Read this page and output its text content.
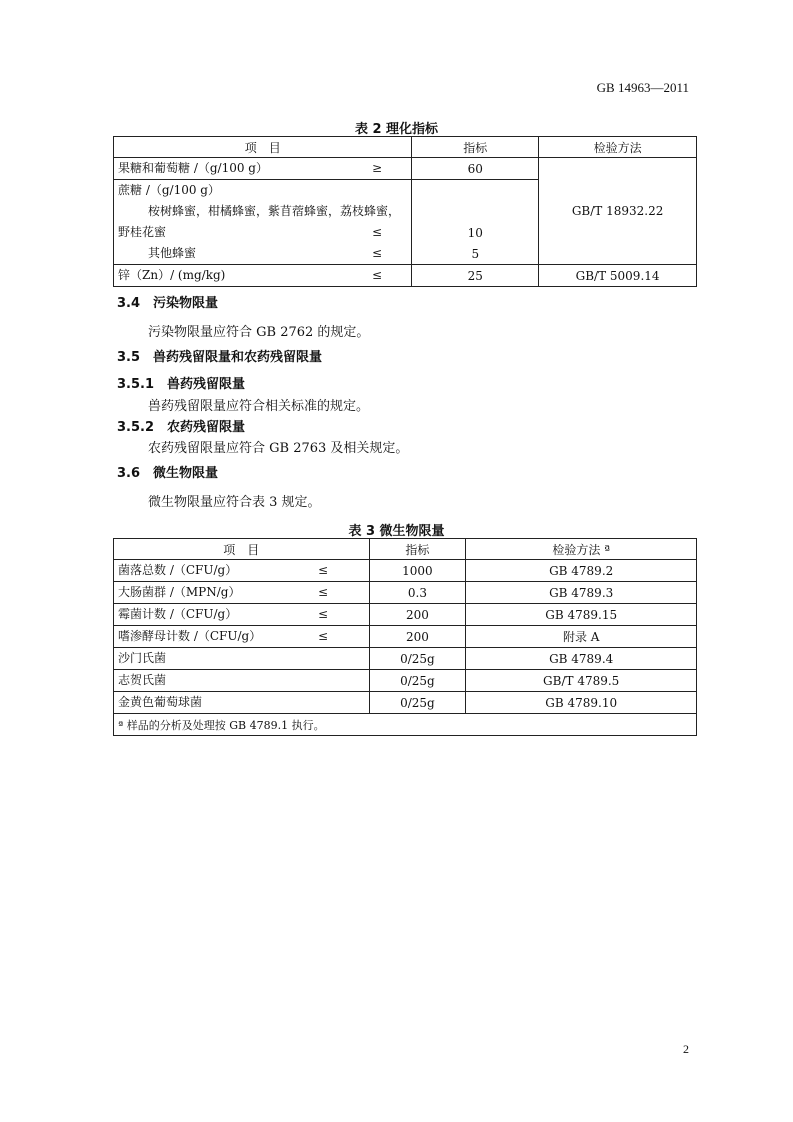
GB 14963—2011
表 2 理化指标
项　目	指标	检验方法

果糖和葡萄糖 /（g/100 g） ≥	60	GB/T 18932.22

蔗糖 /（g/100 g）		

桉树蜂蜜，柑橘蜂蜜，紫苜蓿蜂蜜，荔枝蜂蜜，		

野桂花蜜 ≤	10	

其他蜂蜜 ≤	5	

锌（Zn）/ (mg/kg) ≤	25	GB/T 5009.14
3.4　污染物限量
污染物限量应符合 GB 2762 的规定。
3.5　兽药残留限量和农药残留限量
3.5.1　兽药残留限量
兽药残留限量应符合相关标准的规定。
3.5.2　农药残留限量
农药残留限量应符合 GB 2763 及相关规定。
3.6　微生物限量
微生物限量应符合表 3 规定。
表 3 微生物限量
项　目	指标	检验方法 ª

菌落总数 /（CFU/g） ≤	1000	GB 4789.2

大肠菌群 /（MPN/g） ≤	0.3	GB 4789.3

霉菌计数 /（CFU/g） ≤	200	GB 4789.15

嗜渗酵母计数 /（CFU/g） ≤	200	附录 A

沙门氏菌	0/25g	GB 4789.4

志贺氏菌	0/25g	GB/T 4789.5

金黄色葡萄球菌	0/25g	GB 4789.10
ª 样品的分析及处理按 GB 4789.1 执行。		
2
